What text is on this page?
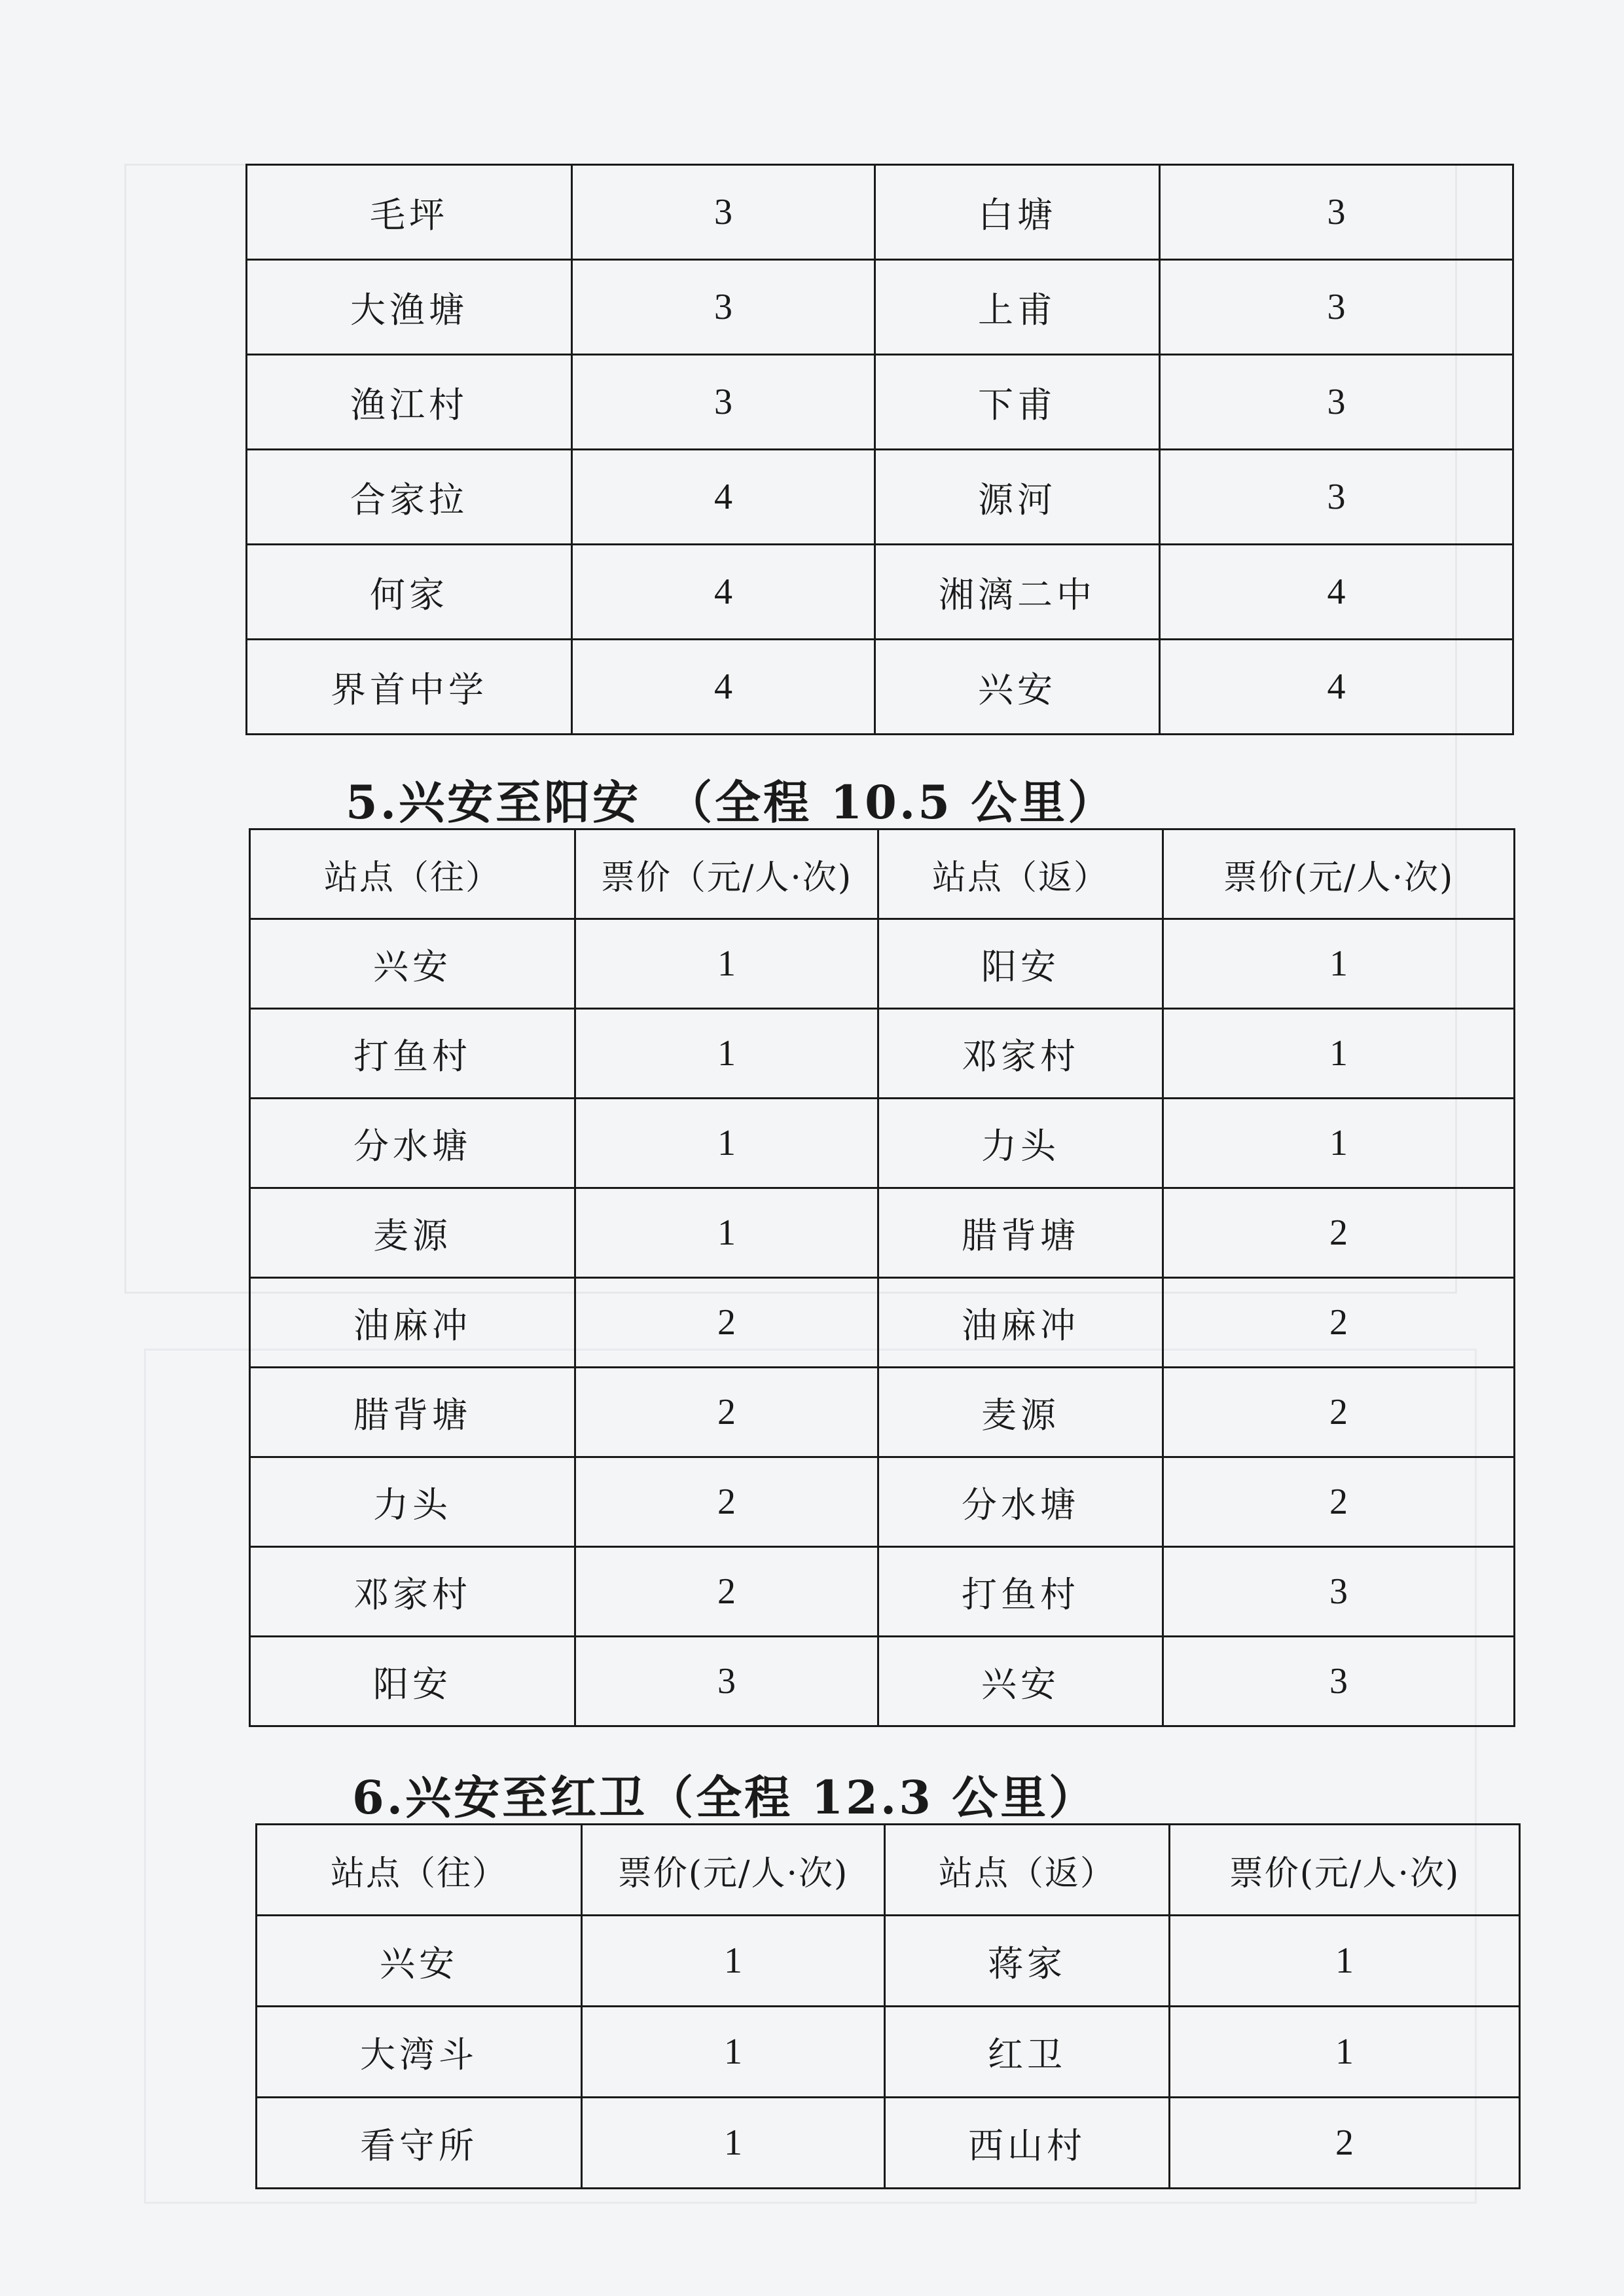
毛坪	3	白塘	3
大渔塘	3	上甫	3
渔江村	3	下甫	3
合家拉	4	源河	3
何家	4	湘漓二中	4
界首中学	4	兴安	4
5.兴安至阳安　（全程 10.5 公里）
站点（往）	票价（元/人·次)	站点（返）	票价(元/人·次)
兴安	1	阳安	1
打鱼村	1	邓家村	1
分水塘	1	力头	1
麦源	1	腊背塘	2
油麻冲	2	油麻冲	2
腊背塘	2	麦源	2
力头	2	分水塘	2
邓家村	2	打鱼村	3
阳安	3	兴安	3
6.兴安至红卫（全程 12.3 公里）
站点（往）	票价(元/人·次)	站点（返）	票价(元/人·次)
兴安	1	蒋家	1
大湾斗	1	红卫	1
看守所	1	西山村	2
